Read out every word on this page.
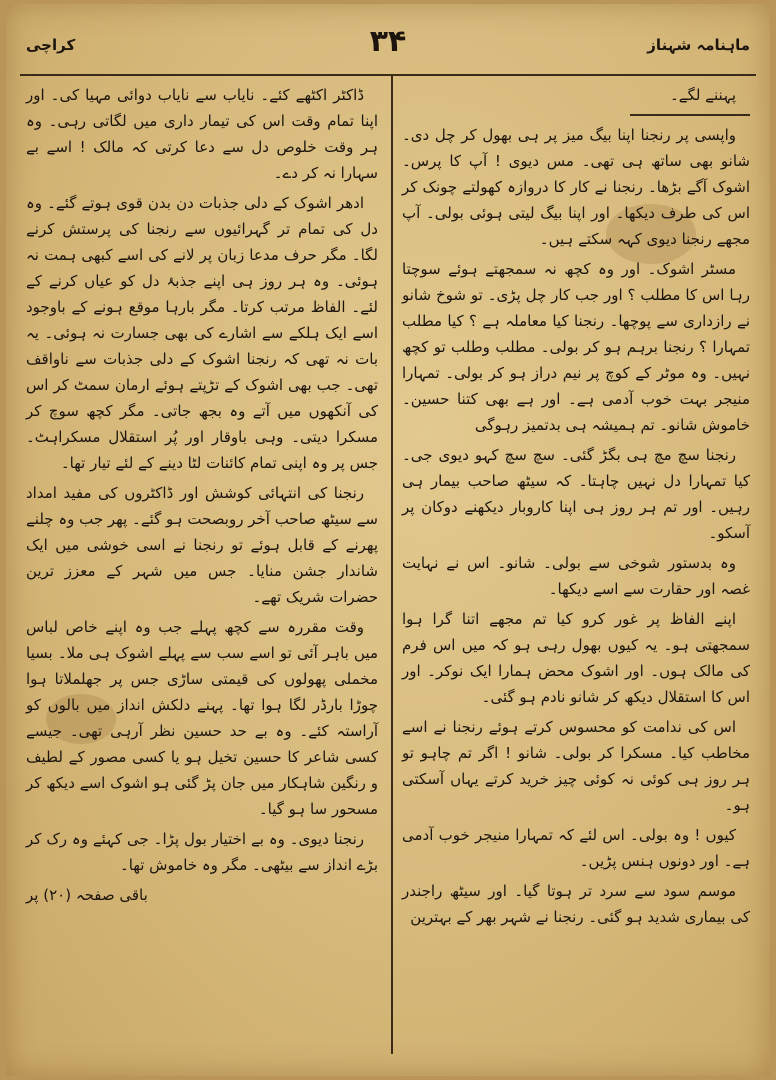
کراچی	۳۴	ماہنامہ شہناز

پہننے لگے۔

واپسی پر رنجنا اپنا بیگ میز پر ہی بھول کر چل دی۔ شانو بھی ساتھ ہی تھی۔ مس دیوی ! آپ کا پرس۔ اشوک آگے بڑھا۔ رنجنا نے کار کا دروازہ کھولتے چونک کر اس کی طرف دیکھا۔ اور اپنا بیگ لیتی ہوئی بولی۔ آپ مجھے رنجنا دیوی کہہ سکتے ہیں۔

مسٹر اشوک۔ اور وہ کچھ نہ سمجھتے ہوئے سوچتا رہا اس کا مطلب ؟ اور جب کار چل پڑی۔ تو شوخ شانو نے رازداری سے پوچھا۔ رنجنا کیا معاملہ ہے ؟ کیا مطلب تمہارا ؟ رنجنا برہم ہو کر بولی۔ مطلب وطلب تو کچھ نہیں۔ وہ موٹر کے کوچ پر نیم دراز ہو کر بولی۔ تمہارا منیجر بہت خوب آدمی ہے۔ اور ہے بھی کتنا حسین۔ خاموش شانو۔ تم ہمیشہ ہی بدتمیز رہوگی

رنجنا سچ مچ ہی بگڑ گئی۔ سچ سچ کہو دیوی جی۔ کیا تمہارا دل نہیں چاہتا۔ کہ سیٹھ صاحب بیمار ہی رہیں۔ اور تم ہر روز ہی اپنا کاروبار دیکھنے دوکان پر آسکو۔

وہ بدستور شوخی سے بولی۔ شانو۔ اس نے نہایت غصہ اور حقارت سے اسے دیکھا۔

اپنے الفاظ پر غور کرو کیا تم مجھے اتنا گرا ہوا سمجھتی ہو۔ یہ کیوں بھول رہی ہو کہ میں اس فرم کی مالک ہوں۔ اور اشوک محض ہمارا ایک نوکر۔ اور اس کا استقلال دیکھ کر شانو نادم ہو گئی۔

اس کی ندامت کو محسوس کرتے ہوئے رنجنا نے اسے مخاطب کیا۔ مسکرا کر بولی۔ شانو ! اگر تم چاہو تو ہر روز ہی کوئی نہ کوئی چیز خرید کرتے یہاں آسکتی ہو۔

کیوں ! وہ بولی۔ اس لئے کہ تمہارا منیجر خوب آدمی ہے۔ اور دونوں ہنس پڑیں۔

موسم سود سے سرد تر ہوتا گیا۔ اور سیٹھ راجندر کی بیماری شدید ہو گئی۔ رنجنا نے شہر بھر کے بہترین

ڈاکٹر اکٹھے کئے۔ نایاب سے نایاب دوائی مہیا کی۔ اور اپنا تمام وقت اس کی تیمار داری میں لگاتی رہی۔ وہ ہر وقت خلوص دل سے دعا کرتی کہ مالک ! اسے بے سہارا نہ کر دے۔

ادھر اشوک کے دلی جذبات دن بدن قوی ہوتے گئے۔ وہ دل کی تمام تر گہرائیوں سے رنجنا کی پرستش کرنے لگا۔ مگر حرف مدعا زبان پر لانے کی اسے کبھی ہمت نہ ہوئی۔ وہ ہر روز ہی اپنے جذبۂ دل کو عیاں کرنے کے لئے۔ الفاظ مرتب کرتا۔ مگر بارہا موقع ہونے کے باوجود اسے ایک ہلکے سے اشارے کی بھی جسارت نہ ہوئی۔ یہ بات نہ تھی کہ رنجنا اشوک کے دلی جذبات سے ناواقف تھی۔ جب بھی اشوک کے تڑپتے ہوئے ارمان سمٹ کر اس کی آنکھوں میں آتے وہ بجھ جاتی۔ مگر کچھ سوچ کر مسکرا دیتی۔ وہی باوقار اور پُر استقلال مسکراہٹ۔ جس پر وہ اپنی تمام کائنات لٹا دینے کے لئے تیار تھا۔

رنجنا کی انتہائی کوشش اور ڈاکٹروں کی مفید امداد سے سیٹھ صاحب آخر روبصحت ہو گئے۔ پھر جب وہ چلنے پھرنے کے قابل ہوئے تو رنجنا نے اسی خوشی میں ایک شاندار جشن منایا۔ جس میں شہر کے معزز ترین حضرات شریک تھے۔

وقت مقررہ سے کچھ پہلے جب وہ اپنے خاص لباس میں باہر آئی تو اسے سب سے پہلے اشوک ہی ملا۔ بسیا مخملی پھولوں کی قیمتی ساڑی جس پر جھلملاتا ہوا چوڑا بارڈر لگا ہوا تھا۔ پہنے دلکش انداز میں بالوں کو آراستہ کئے۔ وہ بے حد حسین نظر آرہی تھی۔ جیسے کسی شاعر کا حسین تخیل ہو یا کسی مصور کے لطیف و رنگین شاہکار میں جان پڑ گئی ہو اشوک اسے دیکھ کر مسحور سا ہو گیا۔

رنجنا دیوی۔ وہ بے اختیار بول پڑا۔ جی کہئے وہ رک کر بڑے انداز سے بیٹھی۔ مگر وہ خاموش تھا۔

باقی صفحہ (۲۰) پر
